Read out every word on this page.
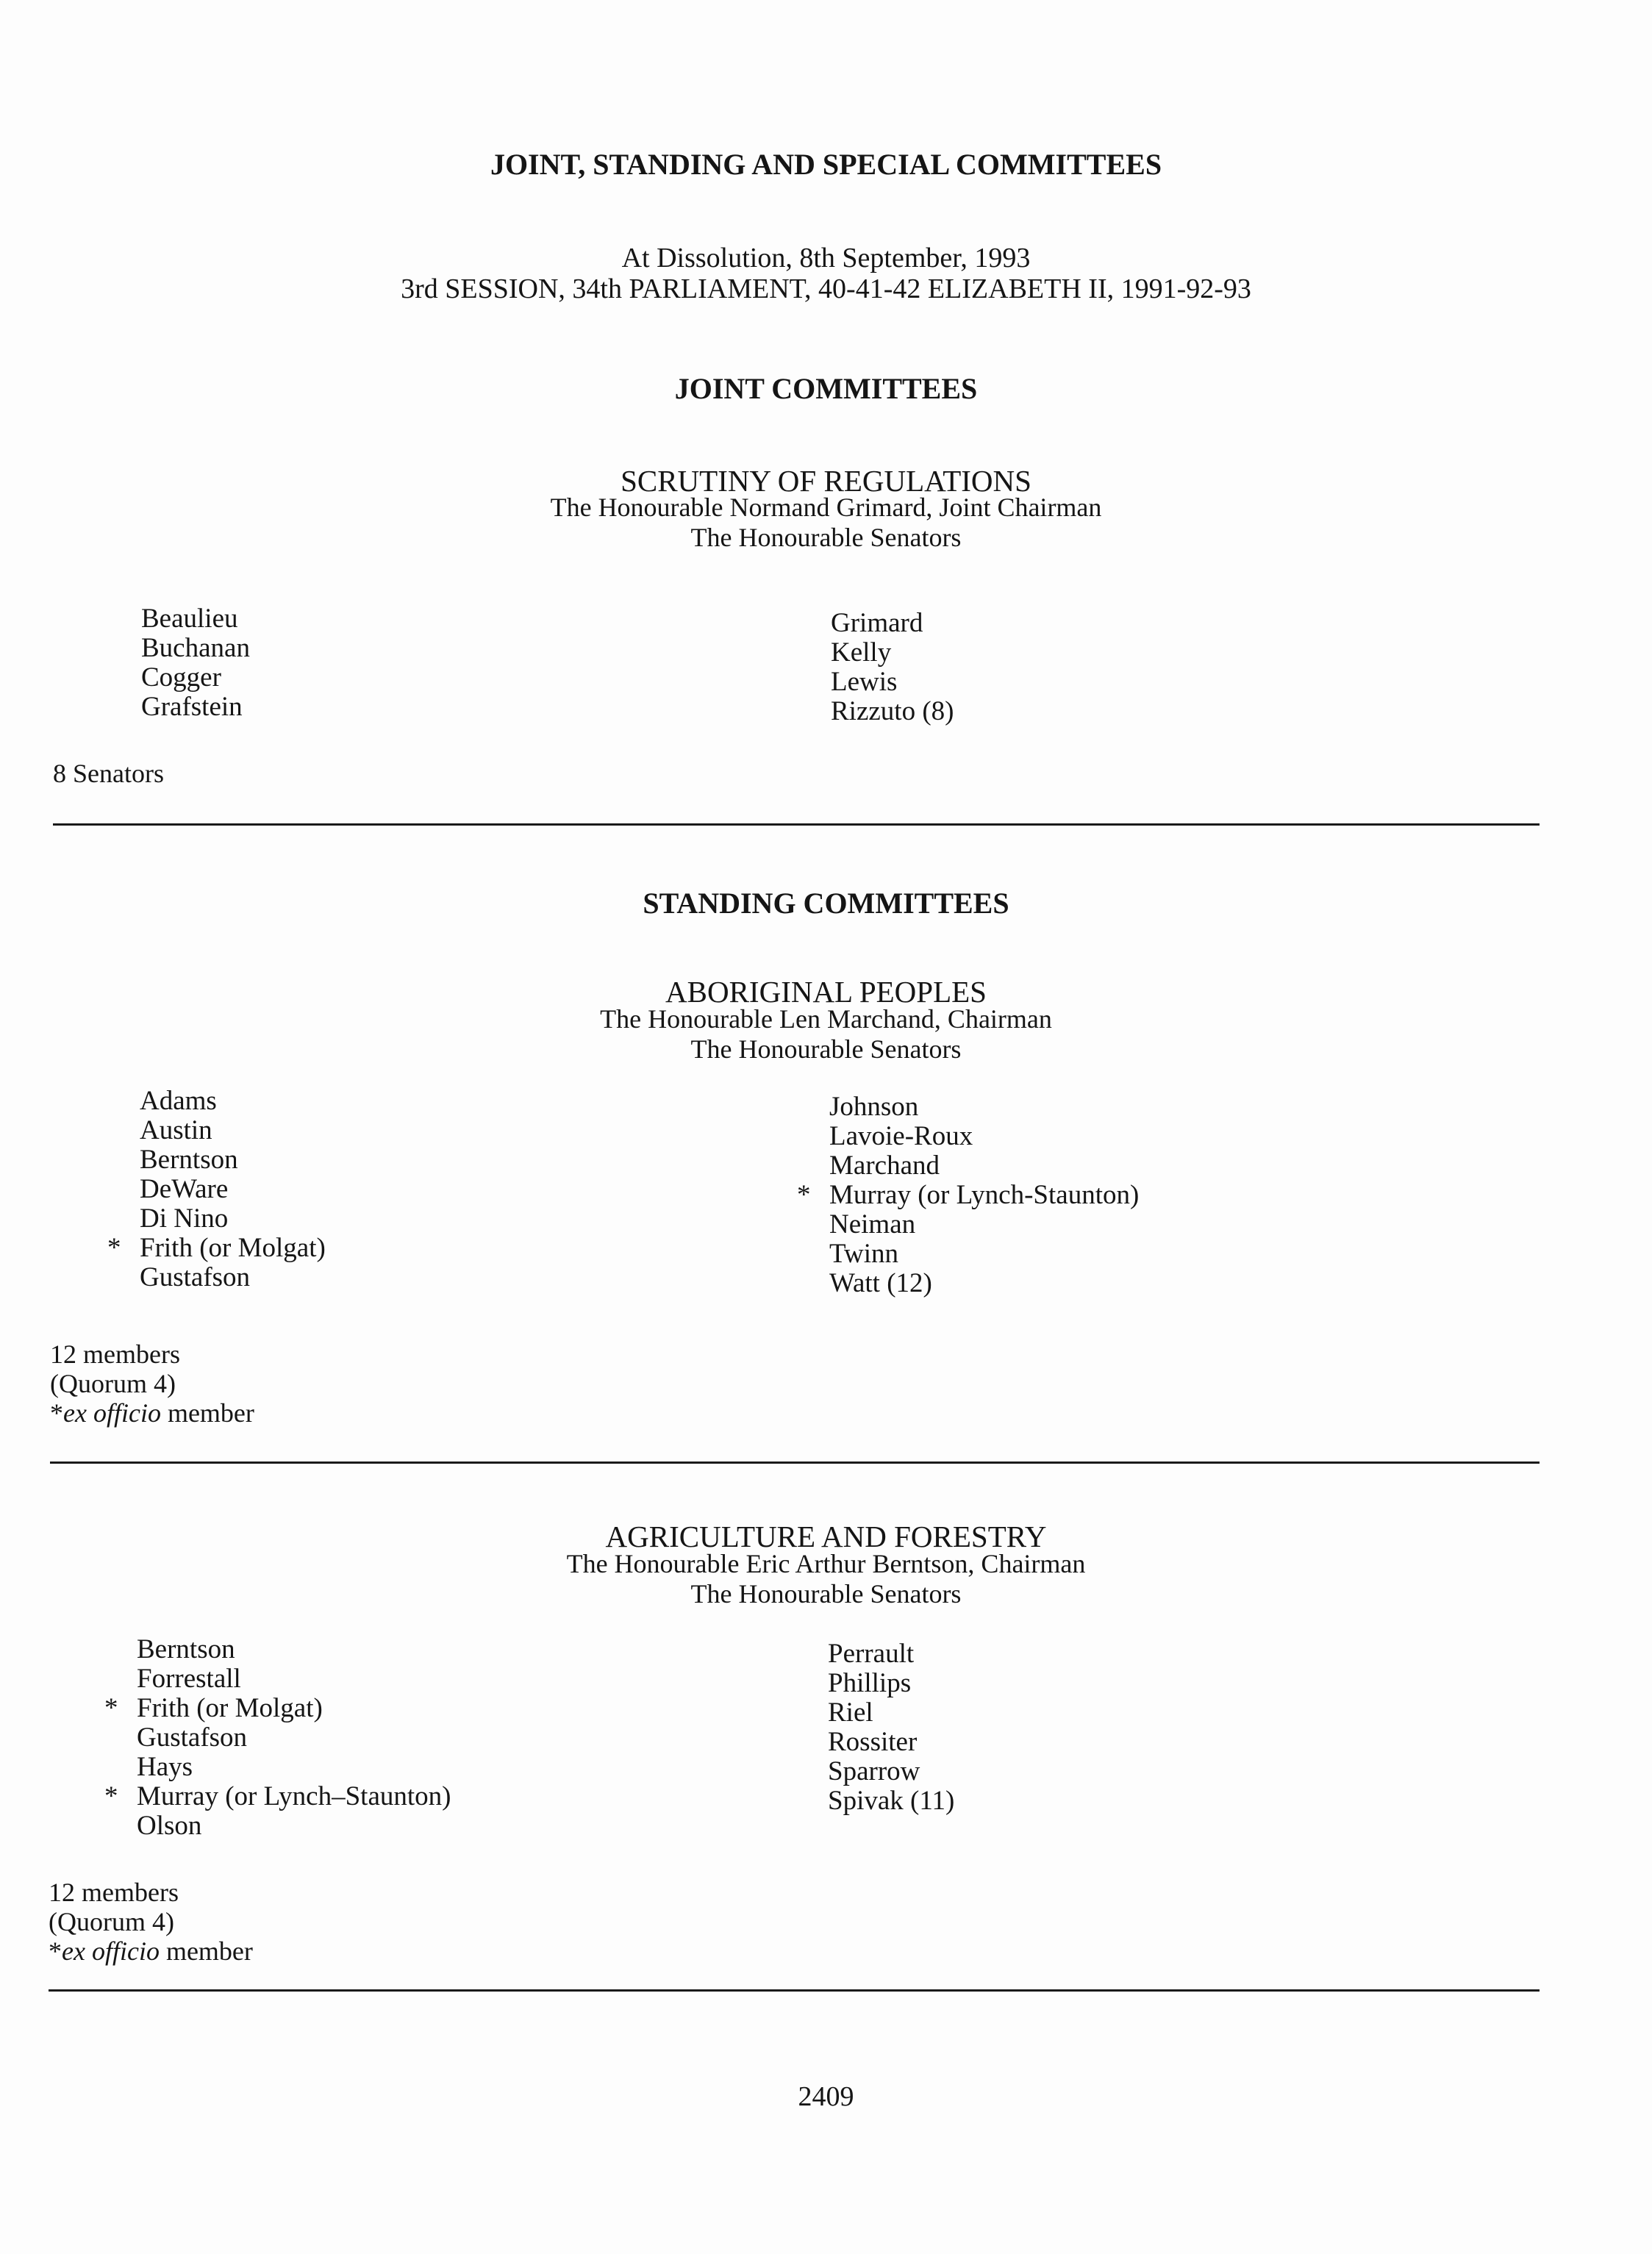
JOINT, STANDING AND SPECIAL COMMITTEES
At Dissolution, 8th September, 1993
3rd SESSION, 34th PARLIAMENT, 40-41-42 ELIZABETH II, 1991-92-93
JOINT COMMITTEES
SCRUTINY OF REGULATIONS
The Honourable Normand Grimard, Joint Chairman
The Honourable Senators
Beaulieu
Buchanan
Cogger
Grafstein
Grimard
Kelly
Lewis
Rizzuto (8)
8 Senators
STANDING COMMITTEES
ABORIGINAL PEOPLES
The Honourable Len Marchand, Chairman
The Honourable Senators
Adams
Austin
Berntson
DeWare
Di Nino
* Frith (or Molgat)
Gustafson
Johnson
Lavoie-Roux
Marchand
* Murray (or Lynch-Staunton)
Neiman
Twinn
Watt (12)
12 members
(Quorum 4)
*ex officio member
AGRICULTURE AND FORESTRY
The Honourable Eric Arthur Berntson, Chairman
The Honourable Senators
Berntson
Forrestall
* Frith (or Molgat)
Gustafson
Hays
* Murray (or Lynch–Staunton)
Olson
Perrault
Phillips
Riel
Rossiter
Sparrow
Spivak (11)
12 members
(Quorum 4)
*ex officio member
2409
